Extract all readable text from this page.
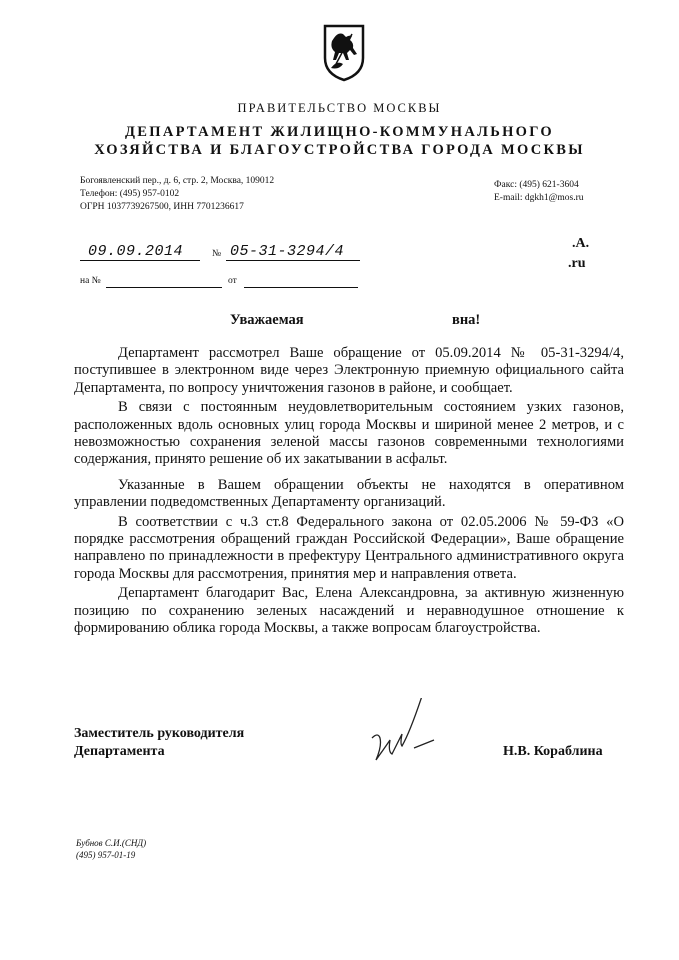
ПРАВИТЕЛЬСТВО МОСКВЫ
ДЕПАРТАМЕНТ ЖИЛИЩНО-КОММУНАЛЬНОГО
ХОЗЯЙСТВА И БЛАГОУСТРОЙСТВА ГОРОДА МОСКВЫ
Богоявленский пер., д. 6, стр. 2, Москва, 109012
Телефон: (495) 957-0102
ОГРН 1037739267500, ИНН 7701236617
Факс: (495) 621-3604
E-mail: dgkh1@mos.ru
09.09.2014	№ 05-31-3294/4
на №	от
.А.
.ru
Уважаемая	вна!

Департамент рассмотрел Ваше обращение от 05.09.2014 № 05-31-3294/4, поступившее в электронном виде через Электронную приемную официального сайта Департамента, по вопросу уничтожения газонов в районе, и сообщает.

В связи с постоянным неудовлетворительным состоянием узких газонов, расположенных вдоль основных улиц города Москвы и шириной менее 2 метров, и с невозможностью сохранения зеленой массы газонов современными технологиями содержания, принято решение об их закатывании в асфальт.

Указанные в Вашем обращении объекты не находятся в оперативном управлении подведомственных Департаменту организаций.

В соответствии с ч.3 ст.8 Федерального закона от 02.05.2006 № 59-ФЗ «О порядке рассмотрения обращений граждан Российской Федерации», Ваше обращение направлено по принадлежности в префектуру Центрального административного округа города Москвы для рассмотрения, принятия мер и направления ответа.

Департамент благодарит Вас, Елена Александровна, за активную жизненную позицию по сохранению зеленых насаждений и неравнодушное отношение к формированию облика города Москвы, а также вопросам благоустройства.

Заместитель руководителя
Департамента	Н.В. Кораблина
Бубнов С.И.(СНД)
(495) 957-01-19
